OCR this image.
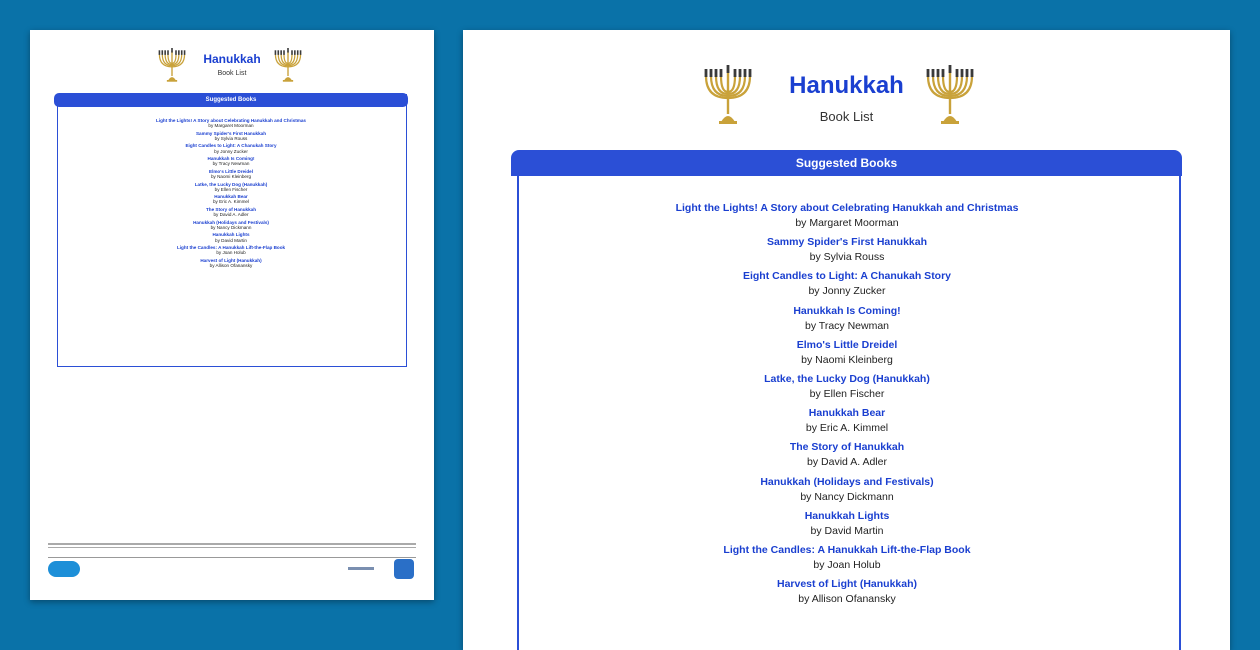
Hanukkah
Book List
Suggested Books
Light the Lights! A Story about Celebrating Hanukkah and Christmas
by Margaret Moorman
Sammy Spider's First Hanukkah
by Sylvia Rouss
Eight Candles to Light: A Chanukah Story
by Jonny Zucker
Hanukkah Is Coming!
by Tracy Newman
Elmo's Little Dreidel
by Naomi Kleinberg
Latke, the Lucky Dog (Hanukkah)
by Ellen Fischer
Hanukkah Bear
by Eric A. Kimmel
The Story of Hanukkah
by David A. Adler
Hanukkah (Holidays and Festivals)
by Nancy Dickmann
Hanukkah Lights
by David Martin
Light the Candles: A Hanukkah Lift-the-Flap Book
by Joan Holub
Harvest of Light (Hanukkah)
by Allison Ofanansky
Hanukkah
Book List
Suggested Books
Light the Lights! A Story about Celebrating Hanukkah and Christmas
by Margaret Moorman
Sammy Spider's First Hanukkah
by Sylvia Rouss
Eight Candles to Light: A Chanukah Story
by Jonny Zucker
Hanukkah Is Coming!
by Tracy Newman
Elmo's Little Dreidel
by Naomi Kleinberg
Latke, the Lucky Dog (Hanukkah)
by Ellen Fischer
Hanukkah Bear
by Eric A. Kimmel
The Story of Hanukkah
by David A. Adler
Hanukkah (Holidays and Festivals)
by Nancy Dickmann
Hanukkah Lights
by David Martin
Light the Candles: A Hanukkah Lift-the-Flap Book
by Joan Holub
Harvest of Light (Hanukkah)
by Allison Ofanansky
